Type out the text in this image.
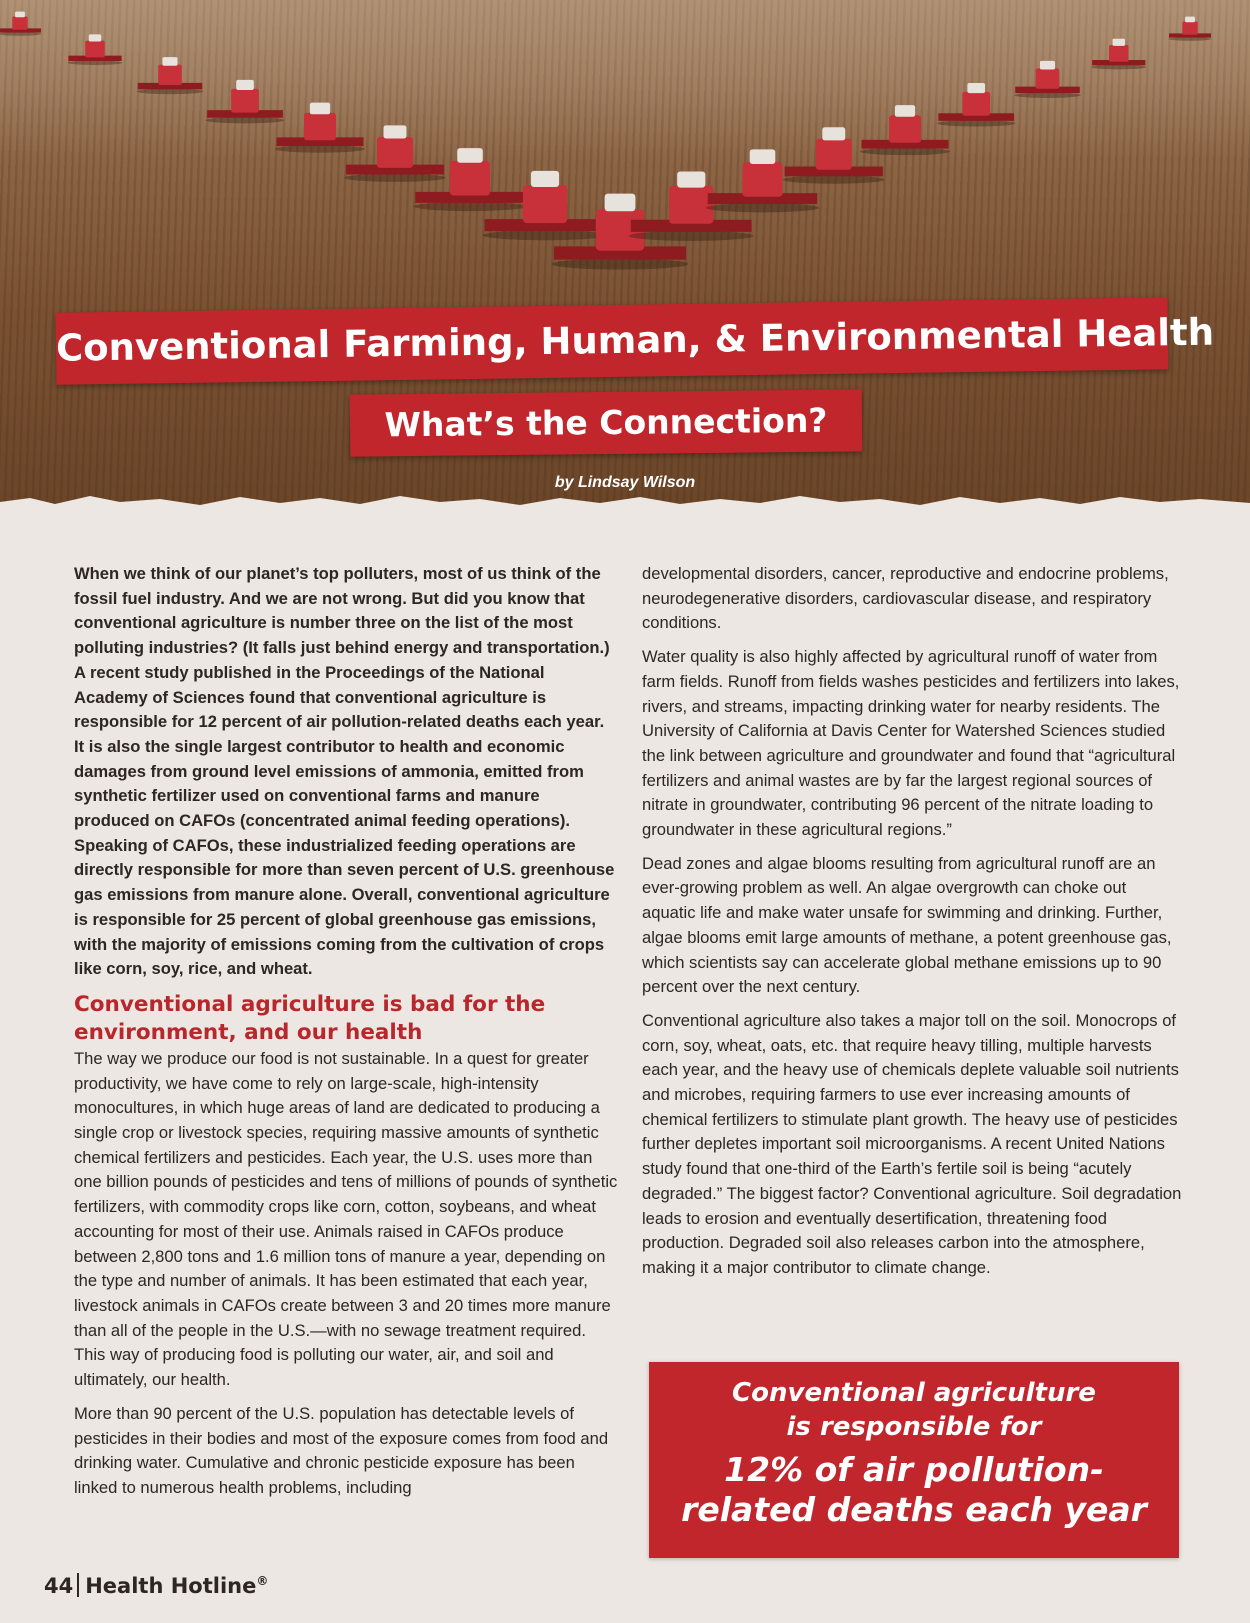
Conventional Farming, Human, & Environmental Health
What’s the Connection?
by Lindsay Wilson

When we think of our planet’s top polluters, most of us think of the fossil fuel industry. And we are not wrong. But did you know that conventional agriculture is number three on the list of the most polluting industries? (It falls just behind energy and transportation.) A recent study published in the Proceedings of the National Academy of Sciences found that conventional agriculture is responsible for 12 percent of air pollution-related deaths each year. It is also the single largest contributor to health and economic damages from ground level emissions of ammonia, emitted from synthetic fertilizer used on conventional farms and manure produced on CAFOs (concentrated animal feeding operations). Speaking of CAFOs, these industrialized feeding operations are directly responsible for more than seven percent of U.S. greenhouse gas emissions from manure alone. Overall, conventional agriculture is responsible for 25 percent of global greenhouse gas emissions, with the majority of emissions coming from the cultivation of crops like corn, soy, rice, and wheat.

Conventional agriculture is bad for the environment, and our health

The way we produce our food is not sustainable. In a quest for greater productivity, we have come to rely on large-scale, high-intensity monocultures, in which huge areas of land are dedicated to producing a single crop or livestock species, requiring massive amounts of synthetic chemical fertilizers and pesticides. Each year, the U.S. uses more than one billion pounds of pesticides and tens of millions of pounds of synthetic fertilizers, with commodity crops like corn, cotton, soybeans, and wheat accounting for most of their use. Animals raised in CAFOs produce between 2,800 tons and 1.6 million tons of manure a year, depending on the type and number of animals. It has been estimated that each year, livestock animals in CAFOs create between 3 and 20 times more manure than all of the people in the U.S.—with no sewage treatment required. This way of producing food is polluting our water, air, and soil and ultimately, our health.

More than 90 percent of the U.S. population has detectable levels of pesticides in their bodies and most of the exposure comes from food and drinking water. Cumulative and chronic pesticide exposure has been linked to numerous health problems, including

developmental disorders, cancer, reproductive and endocrine problems, neurodegenerative disorders, cardiovascular disease, and respiratory conditions.

Water quality is also highly affected by agricultural runoff of water from farm fields. Runoff from fields washes pesticides and fertilizers into lakes, rivers, and streams, impacting drinking water for nearby residents. The University of California at Davis Center for Watershed Sciences studied the link between agriculture and groundwater and found that “agricultural fertilizers and animal wastes are by far the largest regional sources of nitrate in groundwater, contributing 96 percent of the nitrate loading to groundwater in these agricultural regions.”

Dead zones and algae blooms resulting from agricultural runoff are an ever-growing problem as well. An algae overgrowth can choke out aquatic life and make water unsafe for swimming and drinking. Further, algae blooms emit large amounts of methane, a potent greenhouse gas, which scientists say can accelerate global methane emissions up to 90 percent over the next century.

Conventional agriculture also takes a major toll on the soil. Monocrops of corn, soy, wheat, oats, etc. that require heavy tilling, multiple harvests each year, and the heavy use of chemicals deplete valuable soil nutrients and microbes, requiring farmers to use ever increasing amounts of chemical fertilizers to stimulate plant growth. The heavy use of pesticides further depletes important soil microorganisms. A recent United Nations study found that one-third of the Earth’s fertile soil is being “acutely degraded.” The biggest factor? Conventional agriculture. Soil degradation leads to erosion and eventually desertification, threatening food production. Degraded soil also releases carbon into the atmosphere, making it a major contributor to climate change.

Conventional agriculture
is responsible for
12% of air pollution-
related deaths each year
44 Health Hotline®
